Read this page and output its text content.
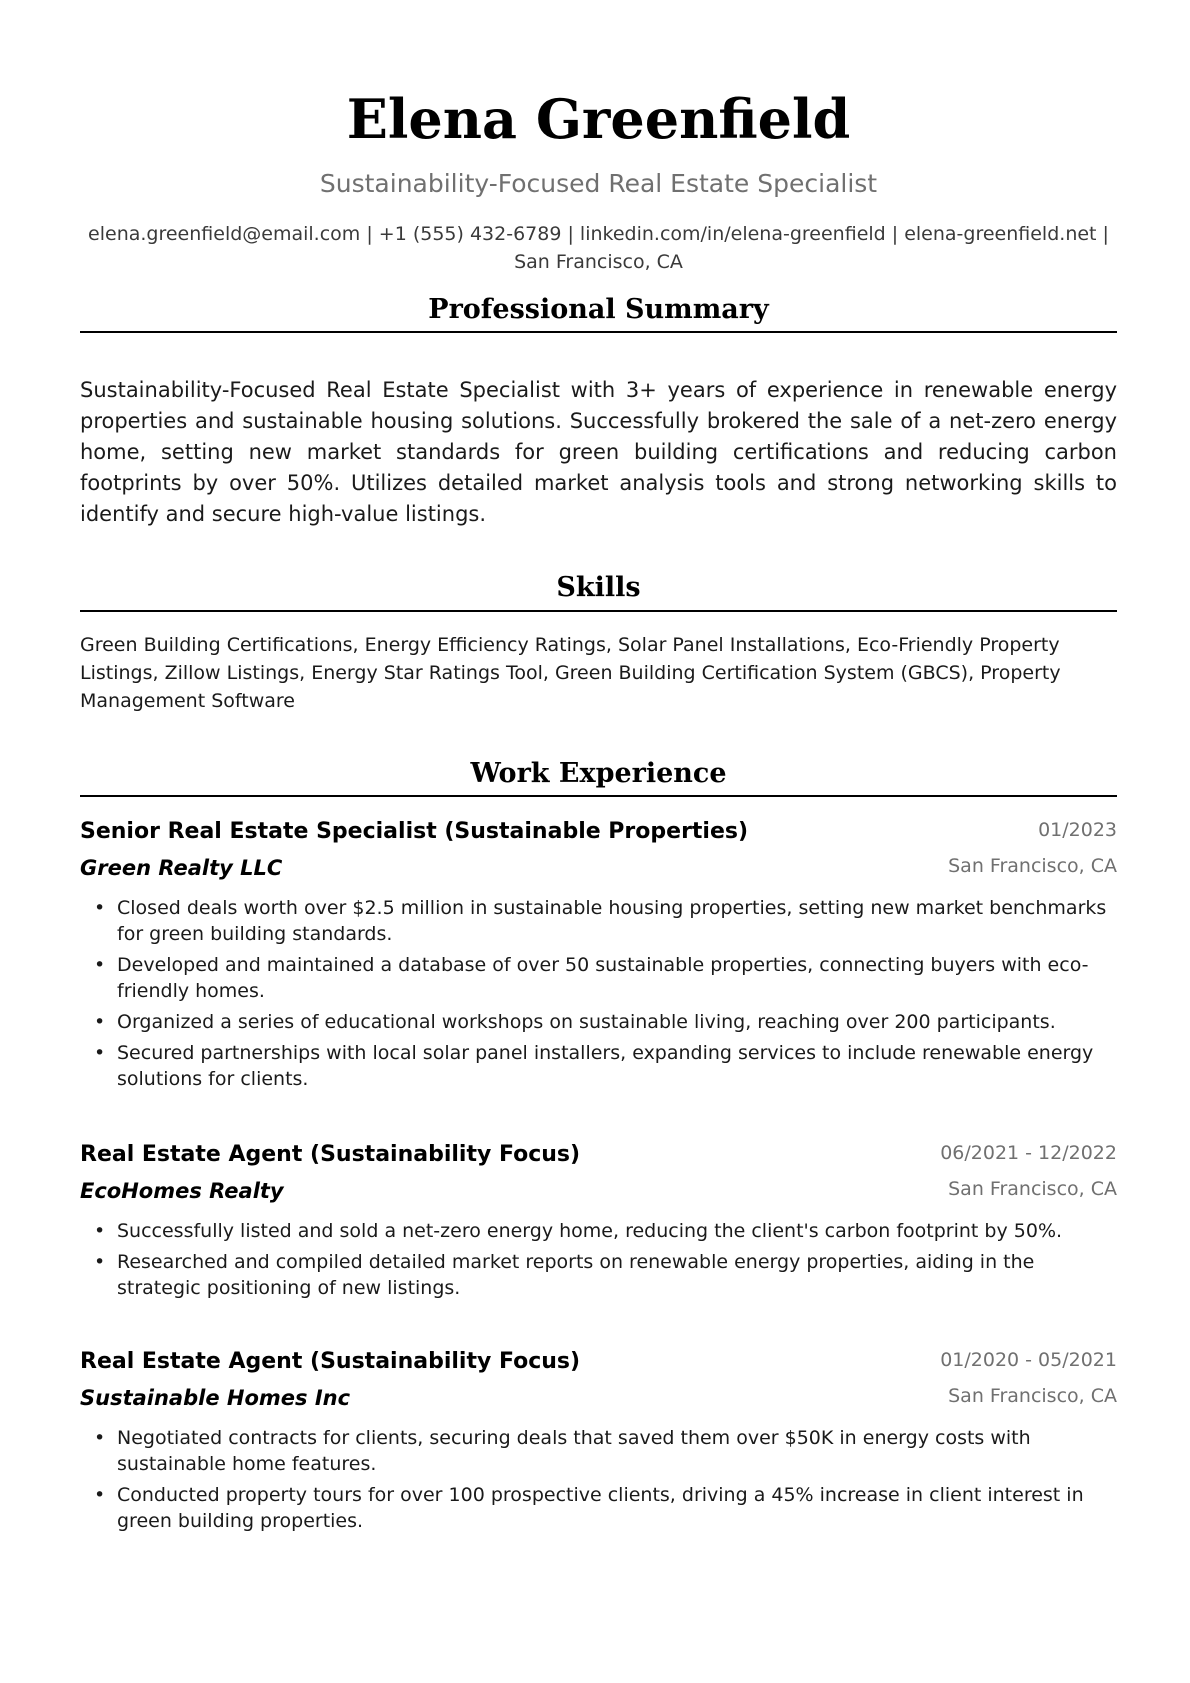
Elena Greenfield
Sustainability-Focused Real Estate Specialist
elena.greenfield@email.com | +1 (555) 432-6789 | linkedin.com/in/elena-greenfield | elena-greenfield.net | San Francisco, CA
Professional Summary
Sustainability-Focused Real Estate Specialist with 3+ years of experience in renewable energy properties and sustainable housing solutions. Successfully brokered the sale of a net-zero energy home, setting new market standards for green building certifications and reducing carbon footprints by over 50%. Utilizes detailed market analysis tools and strong networking skills to identify and secure high-value listings.
Skills
Green Building Certifications, Energy Efficiency Ratings, Solar Panel Installations, Eco-Friendly Property Listings, Zillow Listings, Energy Star Ratings Tool, Green Building Certification System (GBCS), Property Management Software
Work Experience
Senior Real Estate Specialist (Sustainable Properties)	01/2023
Green Realty LLC	San Francisco, CA
• Closed deals worth over $2.5 million in sustainable housing properties, setting new market benchmarks for green building standards.
• Developed and maintained a database of over 50 sustainable properties, connecting buyers with eco-friendly homes.
• Organized a series of educational workshops on sustainable living, reaching over 200 participants.
• Secured partnerships with local solar panel installers, expanding services to include renewable energy solutions for clients.
Real Estate Agent (Sustainability Focus)	06/2021 - 12/2022
EcoHomes Realty	San Francisco, CA
• Successfully listed and sold a net-zero energy home, reducing the client's carbon footprint by 50%.
• Researched and compiled detailed market reports on renewable energy properties, aiding in the strategic positioning of new listings.
Real Estate Agent (Sustainability Focus)	01/2020 - 05/2021
Sustainable Homes Inc	San Francisco, CA
• Negotiated contracts for clients, securing deals that saved them over $50K in energy costs with sustainable home features.
• Conducted property tours for over 100 prospective clients, driving a 45% increase in client interest in green building properties.
